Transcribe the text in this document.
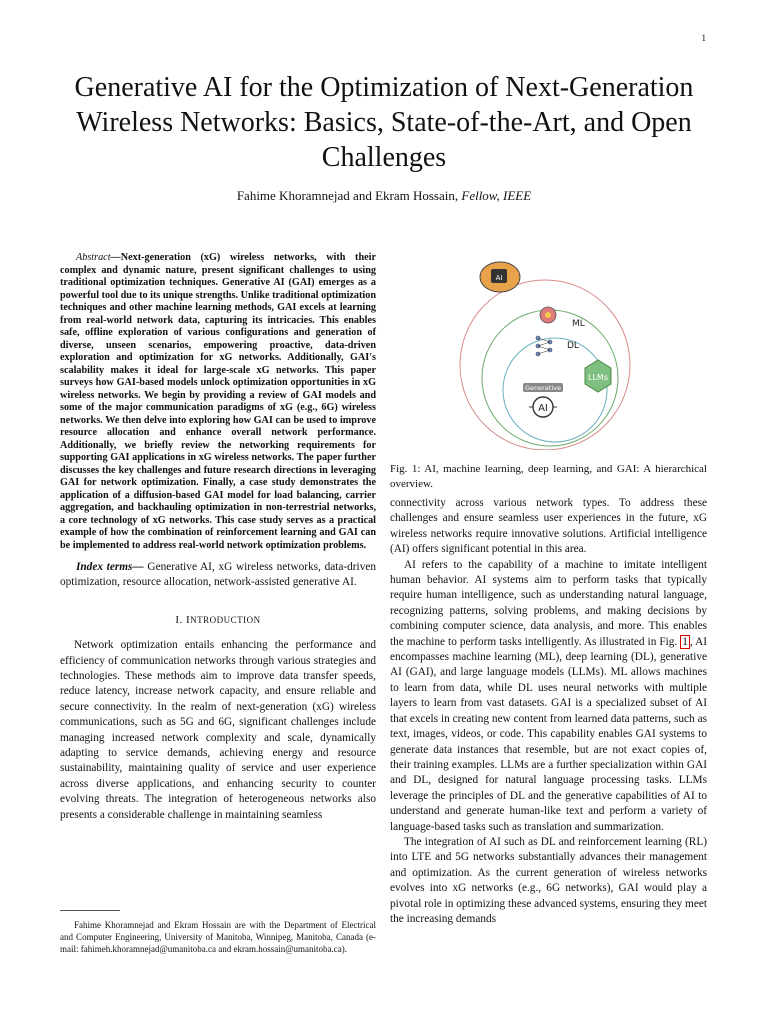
1
Generative AI for the Optimization of Next-Generation Wireless Networks: Basics, State-of-the-Art, and Open Challenges
Fahime Khoramnejad and Ekram Hossain, Fellow, IEEE

Abstract—Next-generation (xG) wireless networks, with their complex and dynamic nature, present significant challenges to using traditional optimization techniques. Generative AI (GAI) emerges as a powerful tool due to its unique strengths. Unlike traditional optimization techniques and other machine learning methods, GAI excels at learning from real-world network data, capturing its intricacies. This enables safe, offline exploration of various configurations and generation of diverse, unseen scenarios, empowering proactive, data-driven exploration and optimization for xG networks. Additionally, GAI's scalability makes it ideal for large-scale xG networks. This paper surveys how GAI-based models unlock optimization opportunities in xG wireless networks. We begin by providing a review of GAI models and some of the major communication paradigms of xG (e.g., 6G) wireless networks. We then delve into exploring how GAI can be used to improve resource allocation and enhance overall network performance. Additionally, we briefly review the networking requirements for supporting GAI applications in xG wireless networks. The paper further discusses the key challenges and future research directions in leveraging GAI for network optimization. Finally, a case study demonstrates the application of a diffusion-based GAI model for load balancing, carrier aggregation, and backhauling optimization in non-terrestrial networks, a core technology of xG networks. This case study serves as a practical example of how the combination of reinforcement learning and GAI can be implemented to address real-world network optimization problems.

Index terms— Generative AI, xG wireless networks, data-driven optimization, resource allocation, network-assisted generative AI.

I. INTRODUCTION

Network optimization entails enhancing the performance and efficiency of communication networks through various strategies and technologies. These methods aim to improve data transfer speeds, reduce latency, increase network capacity, and ensure reliable and secure connectivity. In the realm of next-generation (xG) wireless communications, such as 5G and 6G, significant challenges include managing increased network complexity and scale, dynamically adapting to service demands, achieving energy and resource sustainability, maintaining quality of service and user experience across diverse applications, and enhancing security to counter evolving threats. The integration of heterogeneous networks also presents a considerable challenge in maintaining seamless

Fahime Khoramnejad and Ekram Hossain are with the Department of Electrical and Computer Engineering, University of Manitoba, Winnipeg, Manitoba, Canada (e-mail: fahimeh.khoramnejad@umanitoba.ca and ekram.hossain@umanitoba.ca).
AI
ML
DL
LLMs
Generative
AI

Fig. 1: AI, machine learning, deep learning, and GAI: A hierarchical overview.

connectivity across various network types. To address these challenges and ensure seamless user experiences in the future, xG wireless networks require innovative solutions. Artificial intelligence (AI) offers significant potential in this area.

AI refers to the capability of a machine to imitate intelligent human behavior. AI systems aim to perform tasks that typically require human intelligence, such as understanding natural language, recognizing patterns, solving problems, and making decisions by combining computer science, data analysis, and more. This enables the machine to perform tasks intelligently. As illustrated in Fig. 1 , AI encompasses machine learning (ML), deep learning (DL), generative AI (GAI), and large language models (LLMs). ML allows machines to learn from data, while DL uses neural networks with multiple layers to learn from vast datasets. GAI is a specialized subset of AI that excels in creating new content from learned data patterns, such as text, images, videos, or code. This capability enables GAI systems to generate data instances that resemble, but are not exact copies of, their training examples. LLMs are a further specialization within GAI and DL, designed for natural language processing tasks. LLMs leverage the principles of DL and the generative capabilities of AI to understand and generate human-like text and perform a variety of language-based tasks such as translation and summarization.

The integration of AI such as DL and reinforcement learning (RL) into LTE and 5G networks substantially advances their management and optimization. As the current generation of wireless networks evolves into xG networks (e.g., 6G networks), GAI would play a pivotal role in optimizing these advanced systems, ensuring they meet the increasing demands
